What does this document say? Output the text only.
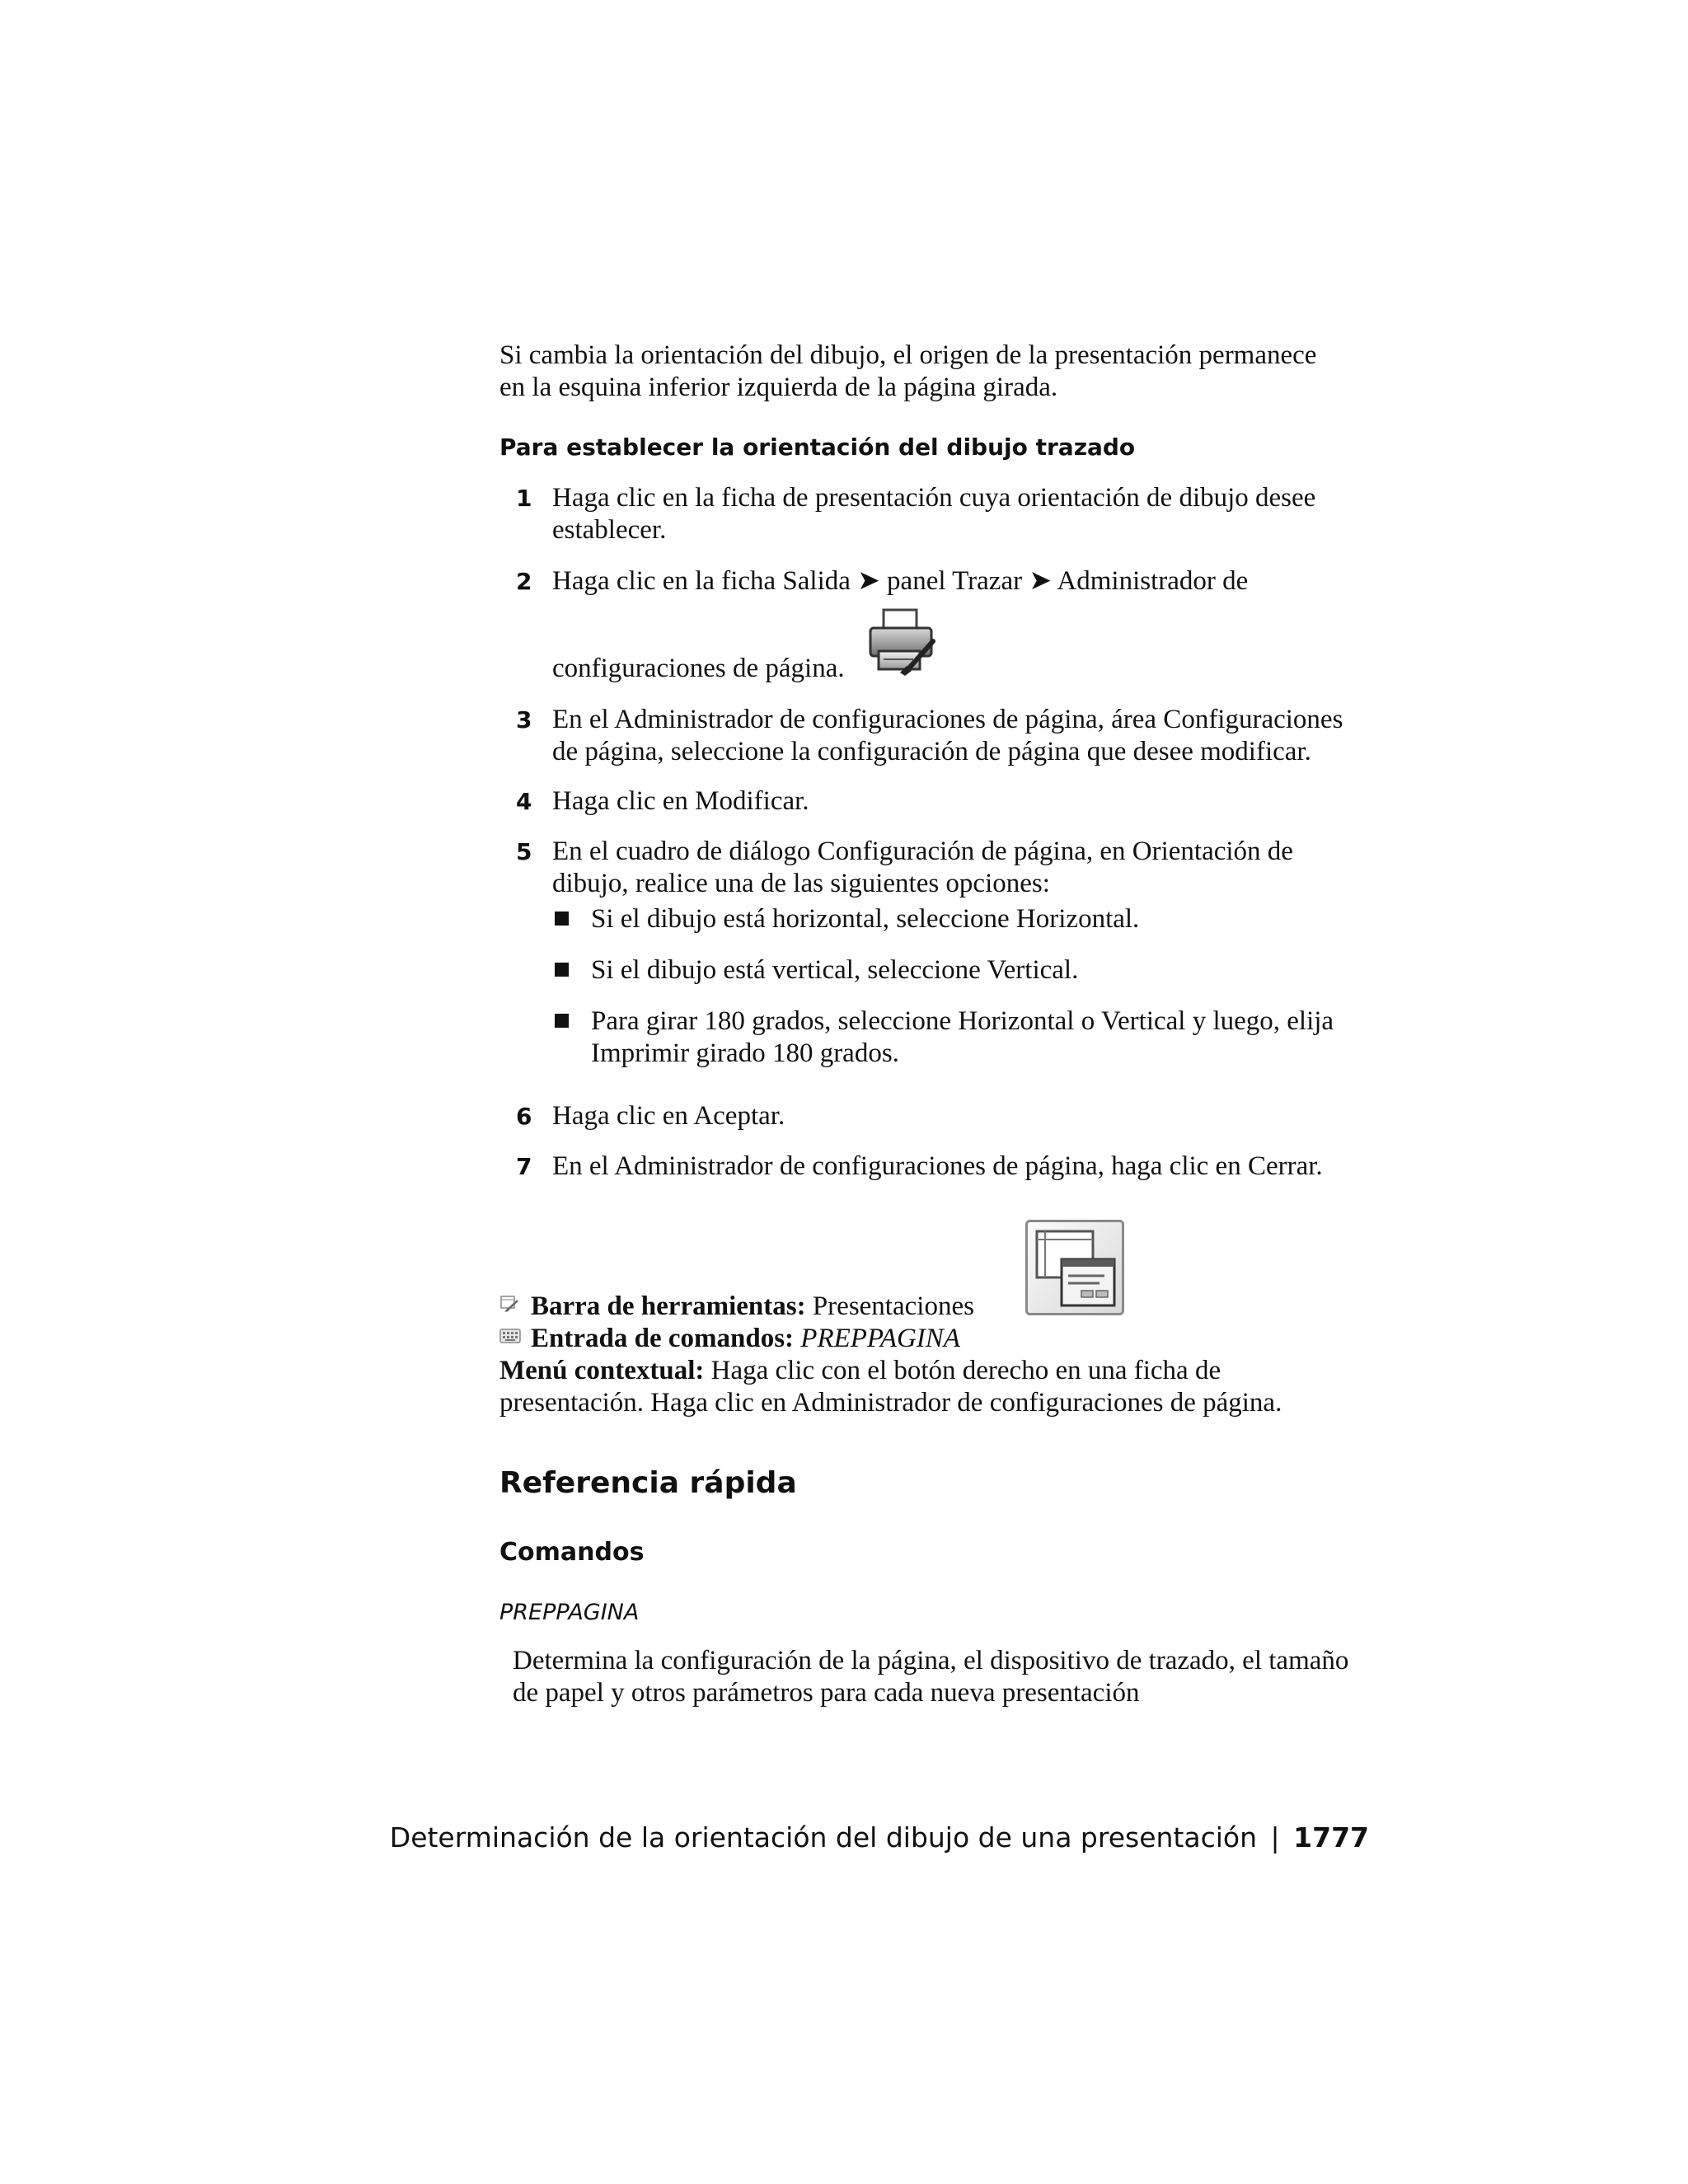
Si cambia la orientación del dibujo, el origen de la presentación permanece
en la esquina inferior izquierda de la página girada.
Para establecer la orientación del dibujo trazado
1 Haga clic en la ficha de presentación cuya orientación de dibujo desee
establecer.
2 Haga clic en la ficha Salida ➤ panel Trazar ➤ Administrador de
configuraciones de página.
3 En el Administrador de configuraciones de página, área Configuraciones
de página, seleccione la configuración de página que desee modificar.
4 Haga clic en Modificar.
5 En el cuadro de diálogo Configuración de página, en Orientación de
dibujo, realice una de las siguientes opciones:
Si el dibujo está horizontal, seleccione Horizontal.
Si el dibujo está vertical, seleccione Vertical.
Para girar 180 grados, seleccione Horizontal o Vertical y luego, elija
Imprimir girado 180 grados.
6 Haga clic en Aceptar.
7 En el Administrador de configuraciones de página, haga clic en Cerrar.
Barra de herramientas: Presentaciones
Entrada de comandos: PREPPAGINA
Menú contextual: Haga clic con el botón derecho en una ficha de
presentación. Haga clic en Administrador de configuraciones de página.
Referencia rápida
Comandos
PREPPAGINA
Determina la configuración de la página, el dispositivo de trazado, el tamaño
de papel y otros parámetros para cada nueva presentación
Determinación de la orientación del dibujo de una presentación | 1777
